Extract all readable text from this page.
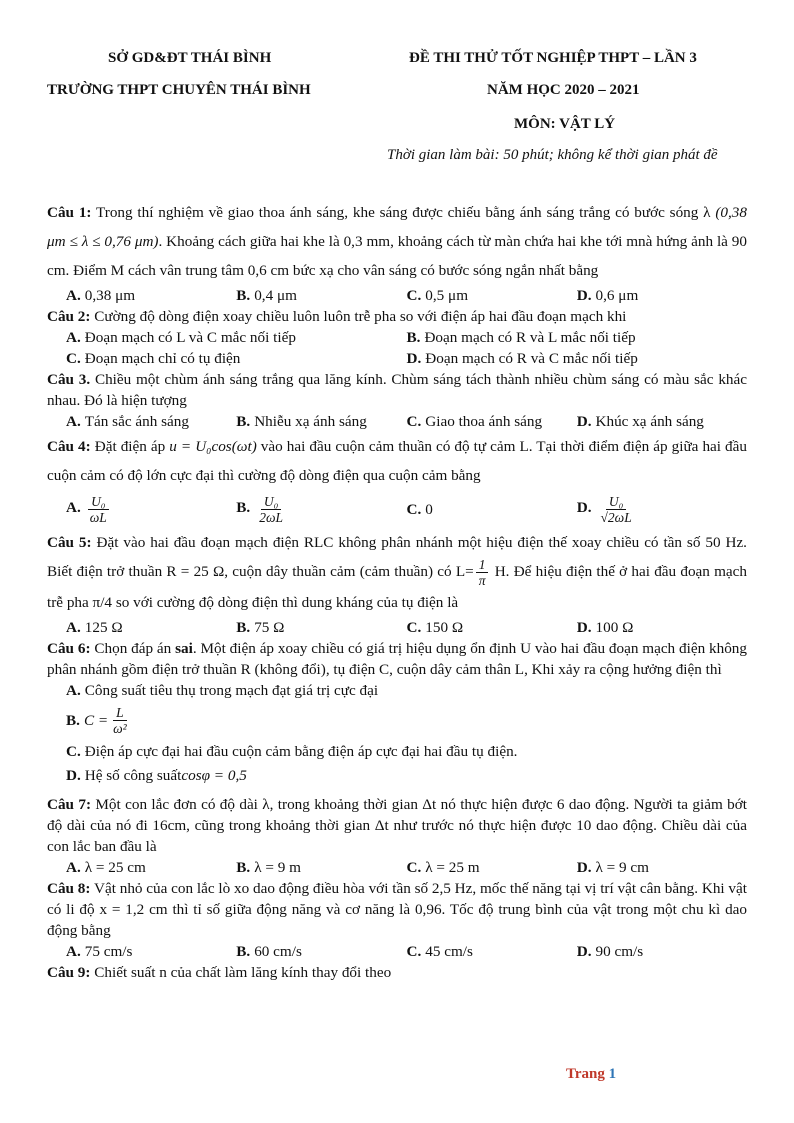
SỞ GD&ĐT THÁI BÌNH
TRƯỜNG THPT CHUYÊN THÁI BÌNH
ĐỀ THI THỬ TỐT NGHIỆP THPT – LẦN 3
NĂM HỌC 2020 – 2021
MÔN: VẬT LÝ
Thời gian làm bài: 50 phút; không kể thời gian phát đề

Câu 1: Trong thí nghiệm về giao thoa ánh sáng, khe sáng được chiếu bằng ánh sáng trắng có bước sóng λ (0,38 μm ≤ λ ≤ 0,76 μm). Khoảng cách giữa hai khe là 0,3 mm, khoảng cách từ màn chứa hai khe tới mnà hứng ảnh là 90 cm. Điểm M cách vân trung tâm 0,6 cm bức xạ cho vân sáng có bước sóng ngắn nhất bằng

A. 0,38 μm	B. 0,4 μm	C. 0,5 μm	D. 0,6 μm

Câu 2: Cường độ dòng điện xoay chiều luôn luôn trễ pha so với điện áp hai đầu đoạn mạch khi

A. Đoạn mạch có L và C mắc nối tiếp	B. Đoạn mạch có R và L mắc nối tiếp
C. Đoạn mạch chỉ có tụ điện	D. Đoạn mạch có R và C mắc nối tiếp

Câu 3. Chiều một chùm ánh sáng trắng qua lăng kính. Chùm sáng tách thành nhiều chùm sáng có màu sắc khác nhau. Đó là hiện tượng

A. Tán sắc ánh sáng	B. Nhiễu xạ ánh sáng	C. Giao thoa ánh sáng	D. Khúc xạ ánh sáng

Câu 4: Đặt điện áp u = U₀cos(ωt) vào hai đầu cuộn cảm thuần có độ tự cảm L. Tại thời điểm điện áp giữa hai đầu cuộn cảm có độ lớn cực đại thì cường độ dòng điện qua cuộn cảm bằng

A. $\frac{\text{U₀}}{\omega L}$	B. $\frac{\text{U₀}}{2\omega L}$	C. 0	D. $\frac{\text{U₀}}{√2\omega L}$

Câu 5: Đặt vào hai đầu đoạn mạch điện RLC không phân nhánh một hiệu điện thế xoay chiều có tần số 50 Hz. Biết điện trở thuần R = 25 Ω, cuộn dây thuần cảm (cảm thuần) có $L= \frac{1}{\pi} H$. Để hiệu điện thế ở hai đầu đoạn mạch trễ pha π/4 so với cường độ dòng điện thì dung kháng của tụ điện là

A. 125 Ω	B. 75 Ω	C. 150 Ω	D. 100 Ω

Câu 6: Chọn đáp án sai. Một điện áp xoay chiều có giá trị hiệu dụng ổn định U vào hai đầu đoạn mạch điện không phân nhánh gồm điện trở thuần R (không đổi), tụ điện C, cuộn dây cảm thân L, Khi xảy ra cộng hưởng điện thì

A. Công suất tiêu thụ trong mạch đạt giá trị cực đại
B. $C = \frac{L}{\text{ω²}}$
C. Điện áp cực đại hai đầu cuộn cảm bằng điện áp cực đại hai đầu tụ điện.
D. Hệ số công suất cosφ = 0,5

Câu 7: Một con lắc đơn có độ dài λ, trong khoảng thời gian Δt nó thực hiện được 6 dao động. Người ta giảm bớt độ dài của nó đi 16cm, cũng trong khoảng thời gian Δt như trước nó thực hiện được 10 dao động. Chiều dài của con lắc ban đầu là

A. λ = 25 cm	B. λ = 9 m	C. λ = 25 m	D. λ = 9 cm

Câu 8: Vật nhỏ của con lắc lò xo dao động điều hòa với tần số 2,5 Hz, mốc thế năng tại vị trí vật cân bằng. Khi vật có li độ x = 1,2 cm thì tỉ số giữa động năng và cơ năng là 0,96. Tốc độ trung bình của vật trong một chu kì dao động bằng

A. 75 cm/s	B. 60 cm/s	C. 45 cm/s	D. 90 cm/s

Câu 9: Chiết suất n của chất làm lăng kính thay đổi theo

Trang 1
